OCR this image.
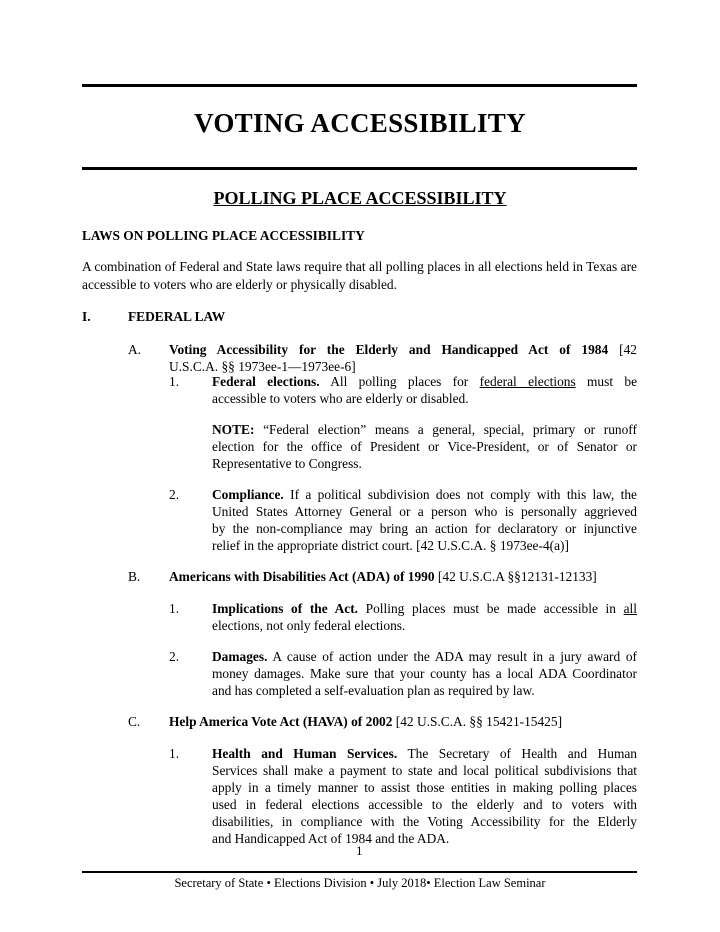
VOTING ACCESSIBILITY
POLLING PLACE ACCESSIBILITY
LAWS ON POLLING PLACE ACCESSIBILITY
A combination of Federal and State laws require that all polling places in all elections held in Texas are accessible to voters who are elderly or physically disabled.
I.	FEDERAL LAW
A. Voting Accessibility for the Elderly and Handicapped Act of 1984 [42
U.S.C.A. §§ 1973ee-1—1973ee-6]
1. Federal elections. All polling places for federal elections must be
accessible to voters who are elderly or disabled.
NOTE: “Federal election” means a general, special, primary or runoff
election for the office of President or Vice-President, or of Senator or
Representative to Congress.
2. Compliance. If a political subdivision does not comply with this law, the
United States Attorney General or a person who is personally aggrieved
by the non-compliance may bring an action for declaratory or injunctive
relief in the appropriate district court. [42 U.S.C.A. § 1973ee-4(a)]
B. Americans with Disabilities Act (ADA) of 1990 [42 U.S.C.A §§12131-12133]
1. Implications of the Act. Polling places must be made accessible in all
elections, not only federal elections.
2. Damages. A cause of action under the ADA may result in a jury award of
money damages. Make sure that your county has a local ADA Coordinator
and has completed a self-evaluation plan as required by law.
C. Help America Vote Act (HAVA) of 2002 [42 U.S.C.A. §§ 15421-15425]
1. Health and Human Services. The Secretary of Health and Human
Services shall make a payment to state and local political subdivisions that
apply in a timely manner to assist those entities in making polling places
used in federal elections accessible to the elderly and to voters with
disabilities, in compliance with the Voting Accessibility for the Elderly
and Handicapped Act of 1984 and the ADA.
1
Secretary of State • Elections Division • July 2018• Election Law Seminar
